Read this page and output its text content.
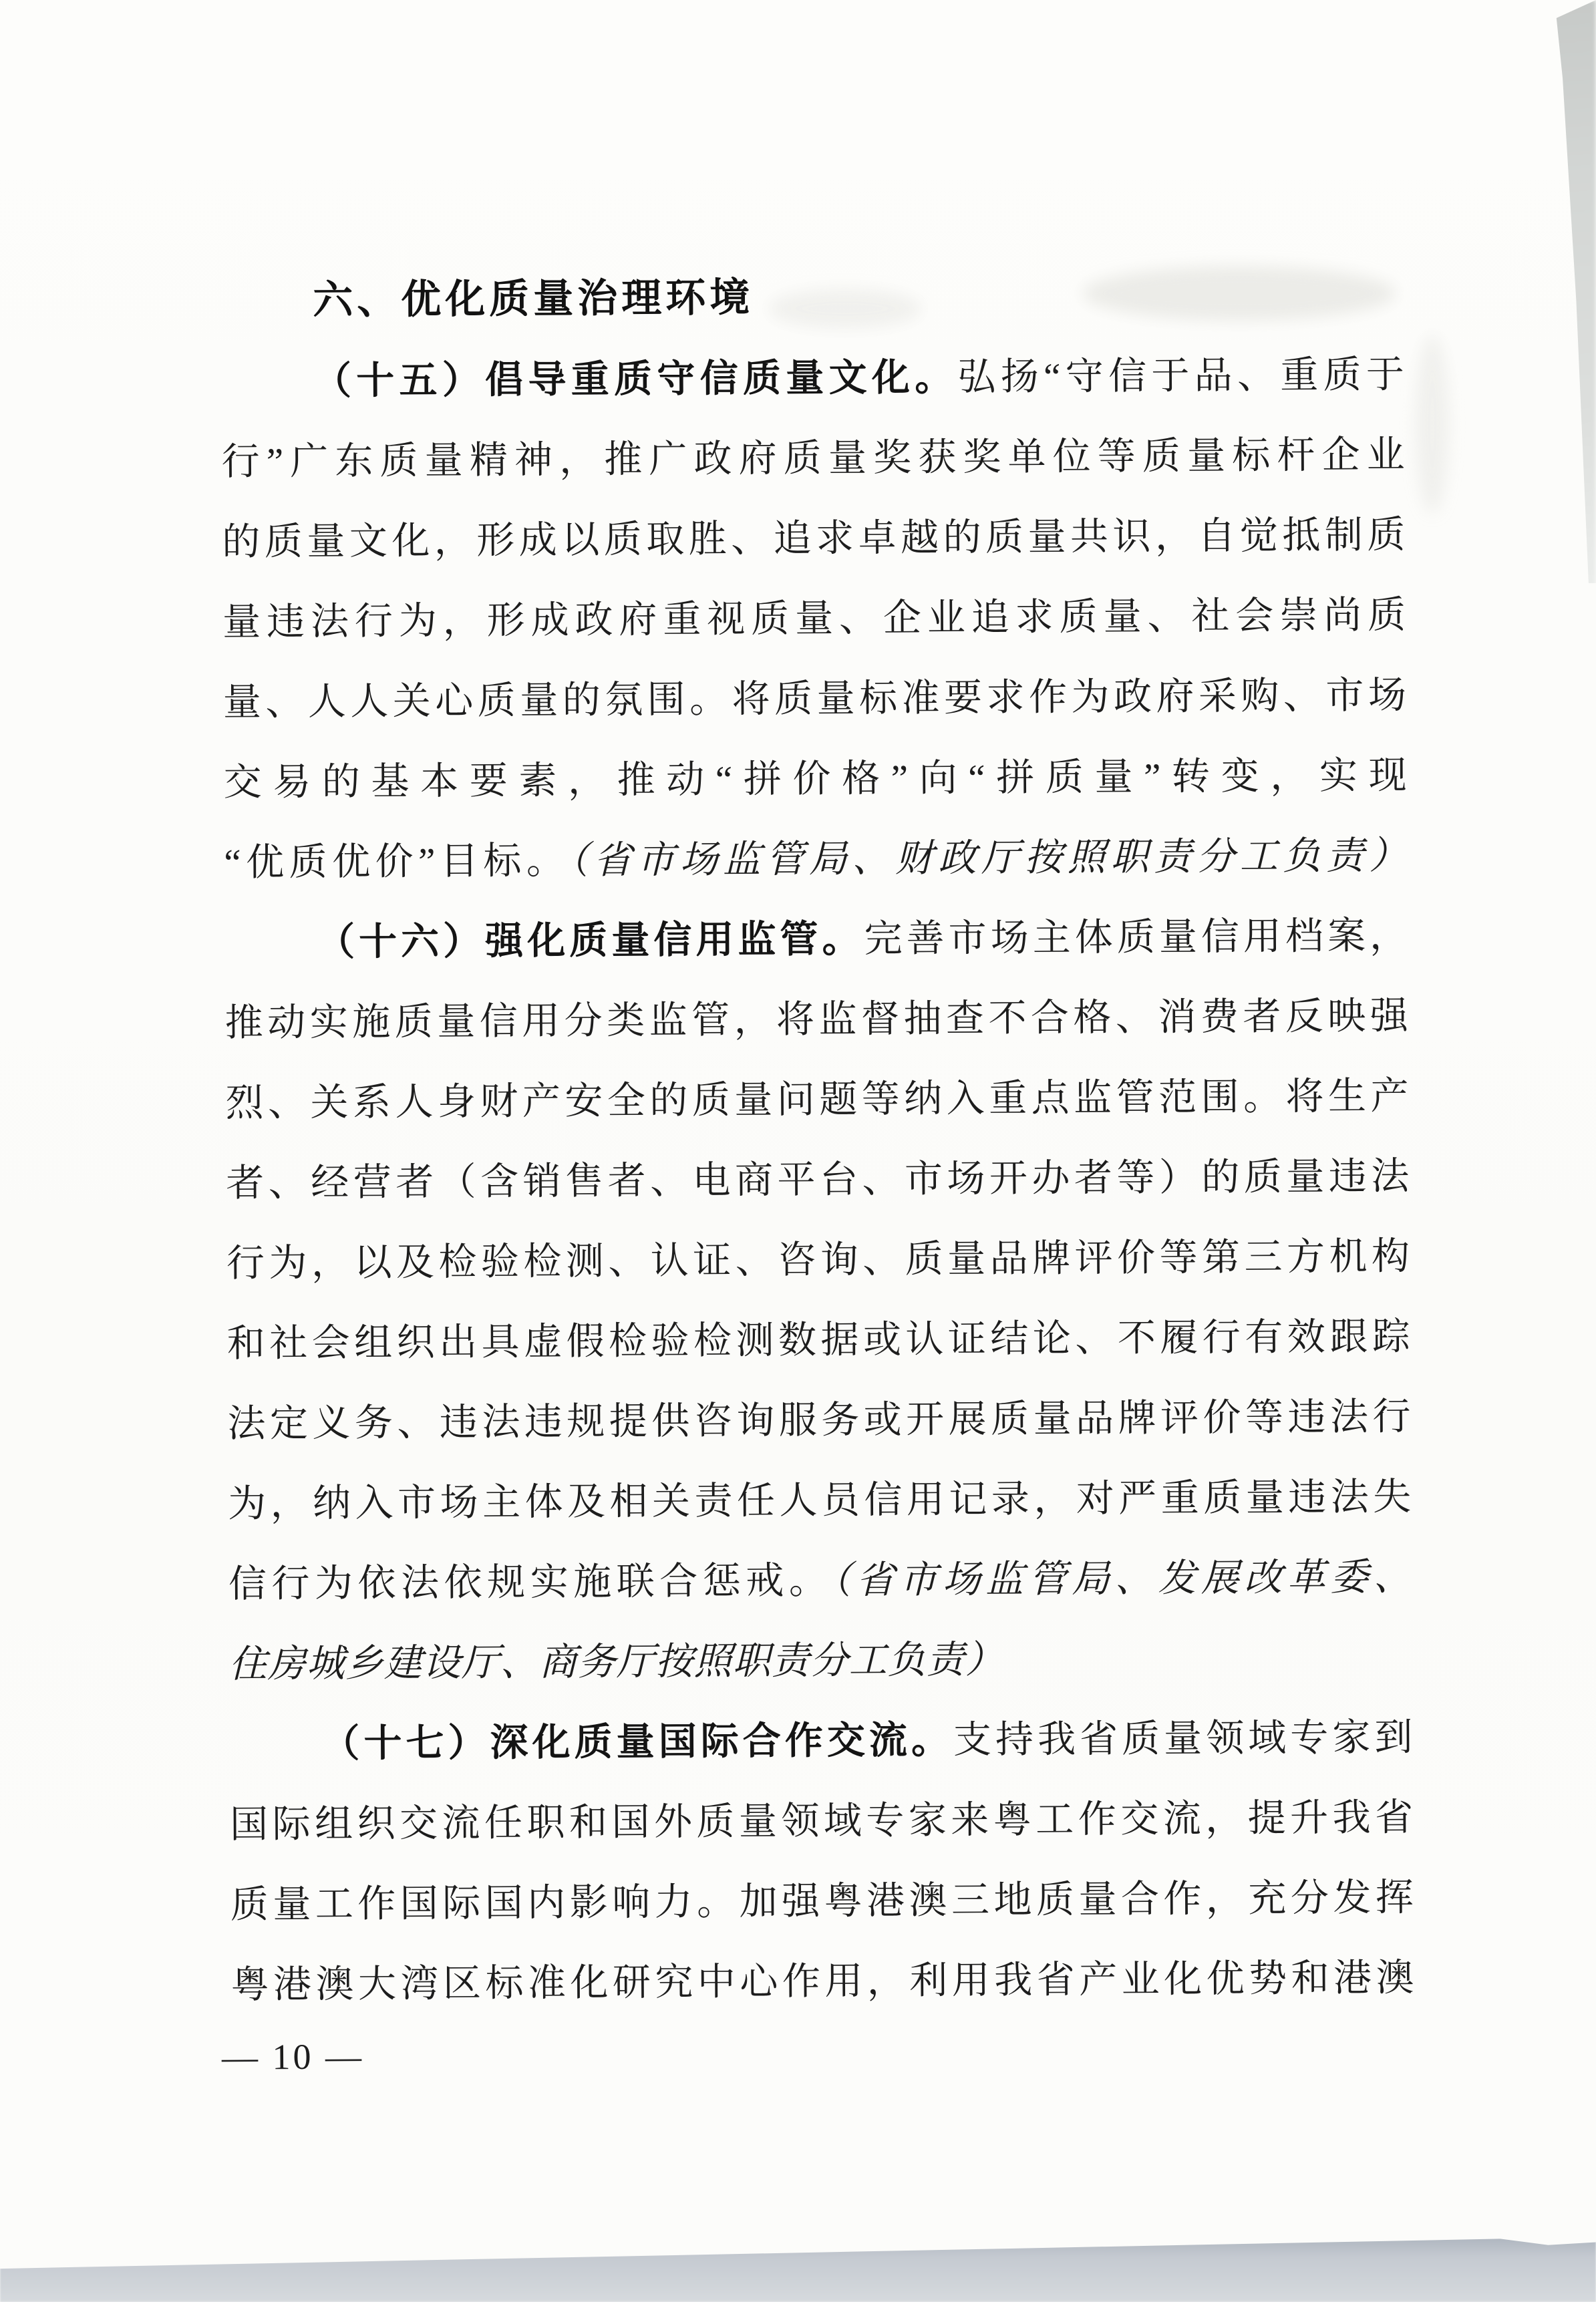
六、优化质量治理环境
（十五）倡导重质守信质量文化。弘扬“守信于品、重质于
行”广东质量精神，推广政府质量奖获奖单位等质量标杆企业
的质量文化，形成以质取胜、追求卓越的质量共识，自觉抵制质
量违法行为，形成政府重视质量、企业追求质量、社会崇尚质
量、人人关心质量的氛围。将质量标准要求作为政府采购、市场
交易的基本要素，推动“拼价格”向“拼质量”转变，实现
“优质优价”目标。（省市场监管局、财政厅按照职责分工负责）
（十六）强化质量信用监管。完善市场主体质量信用档案，
推动实施质量信用分类监管，将监督抽查不合格、消费者反映强
烈、关系人身财产安全的质量问题等纳入重点监管范围。将生产
者、经营者（含销售者、电商平台、市场开办者等）的质量违法
行为，以及检验检测、认证、咨询、质量品牌评价等第三方机构
和社会组织出具虚假检验检测数据或认证结论、不履行有效跟踪
法定义务、违法违规提供咨询服务或开展质量品牌评价等违法行
为，纳入市场主体及相关责任人员信用记录，对严重质量违法失
信行为依法依规实施联合惩戒。（省市场监管局、发展改革委、
住房城乡建设厅、商务厅按照职责分工负责）
（十七）深化质量国际合作交流。支持我省质量领域专家到
国际组织交流任职和国外质量领域专家来粤工作交流，提升我省
质量工作国际国内影响力。加强粤港澳三地质量合作，充分发挥
粤港澳大湾区标准化研究中心作用，利用我省产业化优势和港澳
— 10 —
